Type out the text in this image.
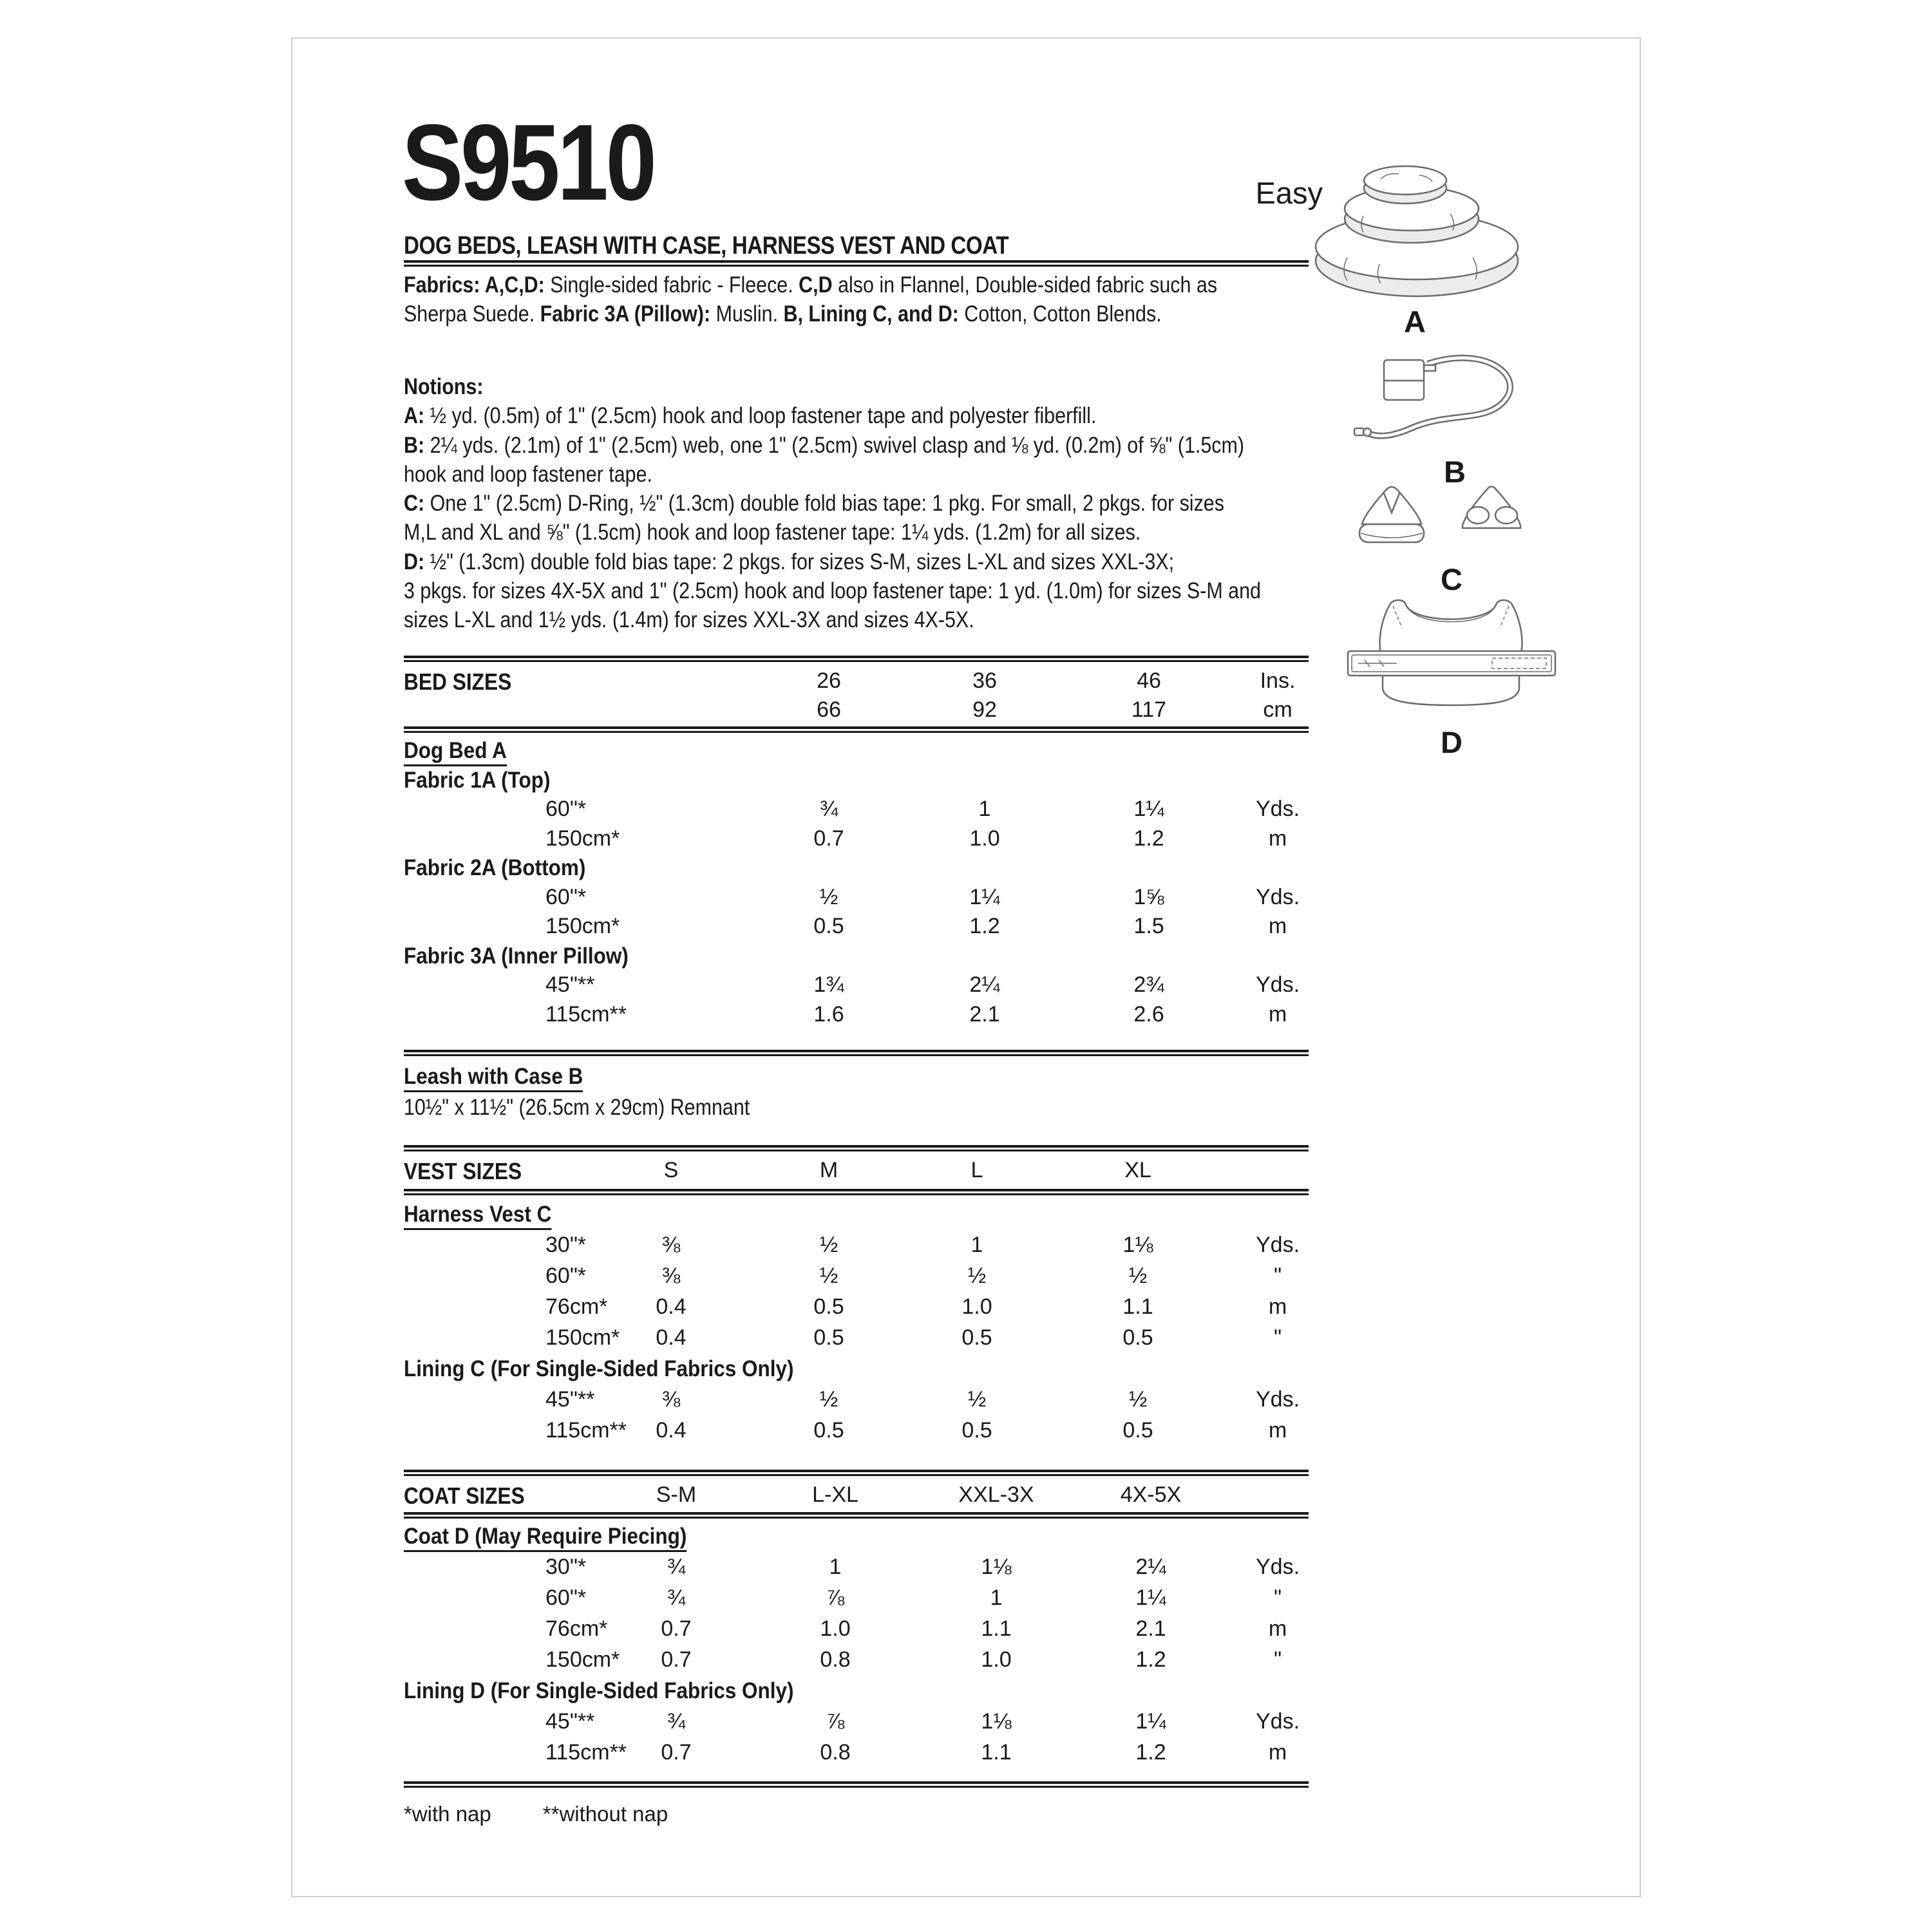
S9510	Easy
DOG BEDS, LEASH WITH CASE, HARNESS VEST AND COAT
Fabrics: A,C,D: Single-sided fabric - Fleece. C,D also in Flannel, Double-sided fabric such as
Sherpa Suede. Fabric 3A (Pillow): Muslin. B, Lining C, and D: Cotton, Cotton Blends.
Notions:
A: ½ yd. (0.5m) of 1" (2.5cm) hook and loop fastener tape and polyester fiberfill.
B: 2¼ yds. (2.1m) of 1" (2.5cm) web, one 1" (2.5cm) swivel clasp and ⅛ yd. (0.2m) of ⅝" (1.5cm)
hook and loop fastener tape.
C: One 1" (2.5cm) D-Ring, ½" (1.3cm) double fold bias tape: 1 pkg. For small, 2 pkgs. for sizes
M,L and XL and ⅝" (1.5cm) hook and loop fastener tape: 1¼ yds. (1.2m) for all sizes.
D: ½" (1.3cm) double fold bias tape: 2 pkgs. for sizes S-M, sizes L-XL and sizes XXL-3X;
3 pkgs. for sizes 4X-5X and 1" (2.5cm) hook and loop fastener tape: 1 yd. (1.0m) for sizes S-M and
sizes L-XL and 1½ yds. (1.4m) for sizes XXL-3X and sizes 4X-5X.
BED SIZES	26	36	46	Ins.
66	92	117	cm
Dog Bed A
Fabric 1A (Top)
60"*	¾	1	1¼	Yds.
150cm*	0.7	1.0	1.2	m
Fabric 2A (Bottom)
60"*	½	1¼	1⅝	Yds.
150cm*	0.5	1.2	1.5	m
Fabric 3A (Inner Pillow)
45"**	1¾	2¼	2¾	Yds.
115cm**	1.6	2.1	2.6	m
Leash with Case B
10½" x 11½" (26.5cm x 29cm) Remnant
VEST SIZES	S	M	L	XL
Harness Vest C
30"*	⅜	½	1	1⅛	Yds.
60"*	⅜	½	½	½	"
76cm* 0.4	0.5	1.0	1.1	m
150cm* 0.4	0.5	0.5	0.5	"
Lining C (For Single-Sided Fabrics Only)
45"**	⅜	½	½	½	Yds.
115cm** 0.4	0.5	0.5	0.5	m
COAT SIZES	S-M	L-XL	XXL-3X	4X-5X
Coat D (May Require Piecing)
30"*	¾	1	1⅛	2¼	Yds.
60"*	¾	⅞	1	1¼	"
76cm* 0.7	1.0	1.1	2.1	m
150cm* 0.7	0.8	1.0	1.2	"
Lining D (For Single-Sided Fabrics Only)
45"**	¾	⅞	1⅛	1¼	Yds.
115cm** 0.7	0.8	1.1	1.2	m
*with nap **without nap
A
B
C
D
